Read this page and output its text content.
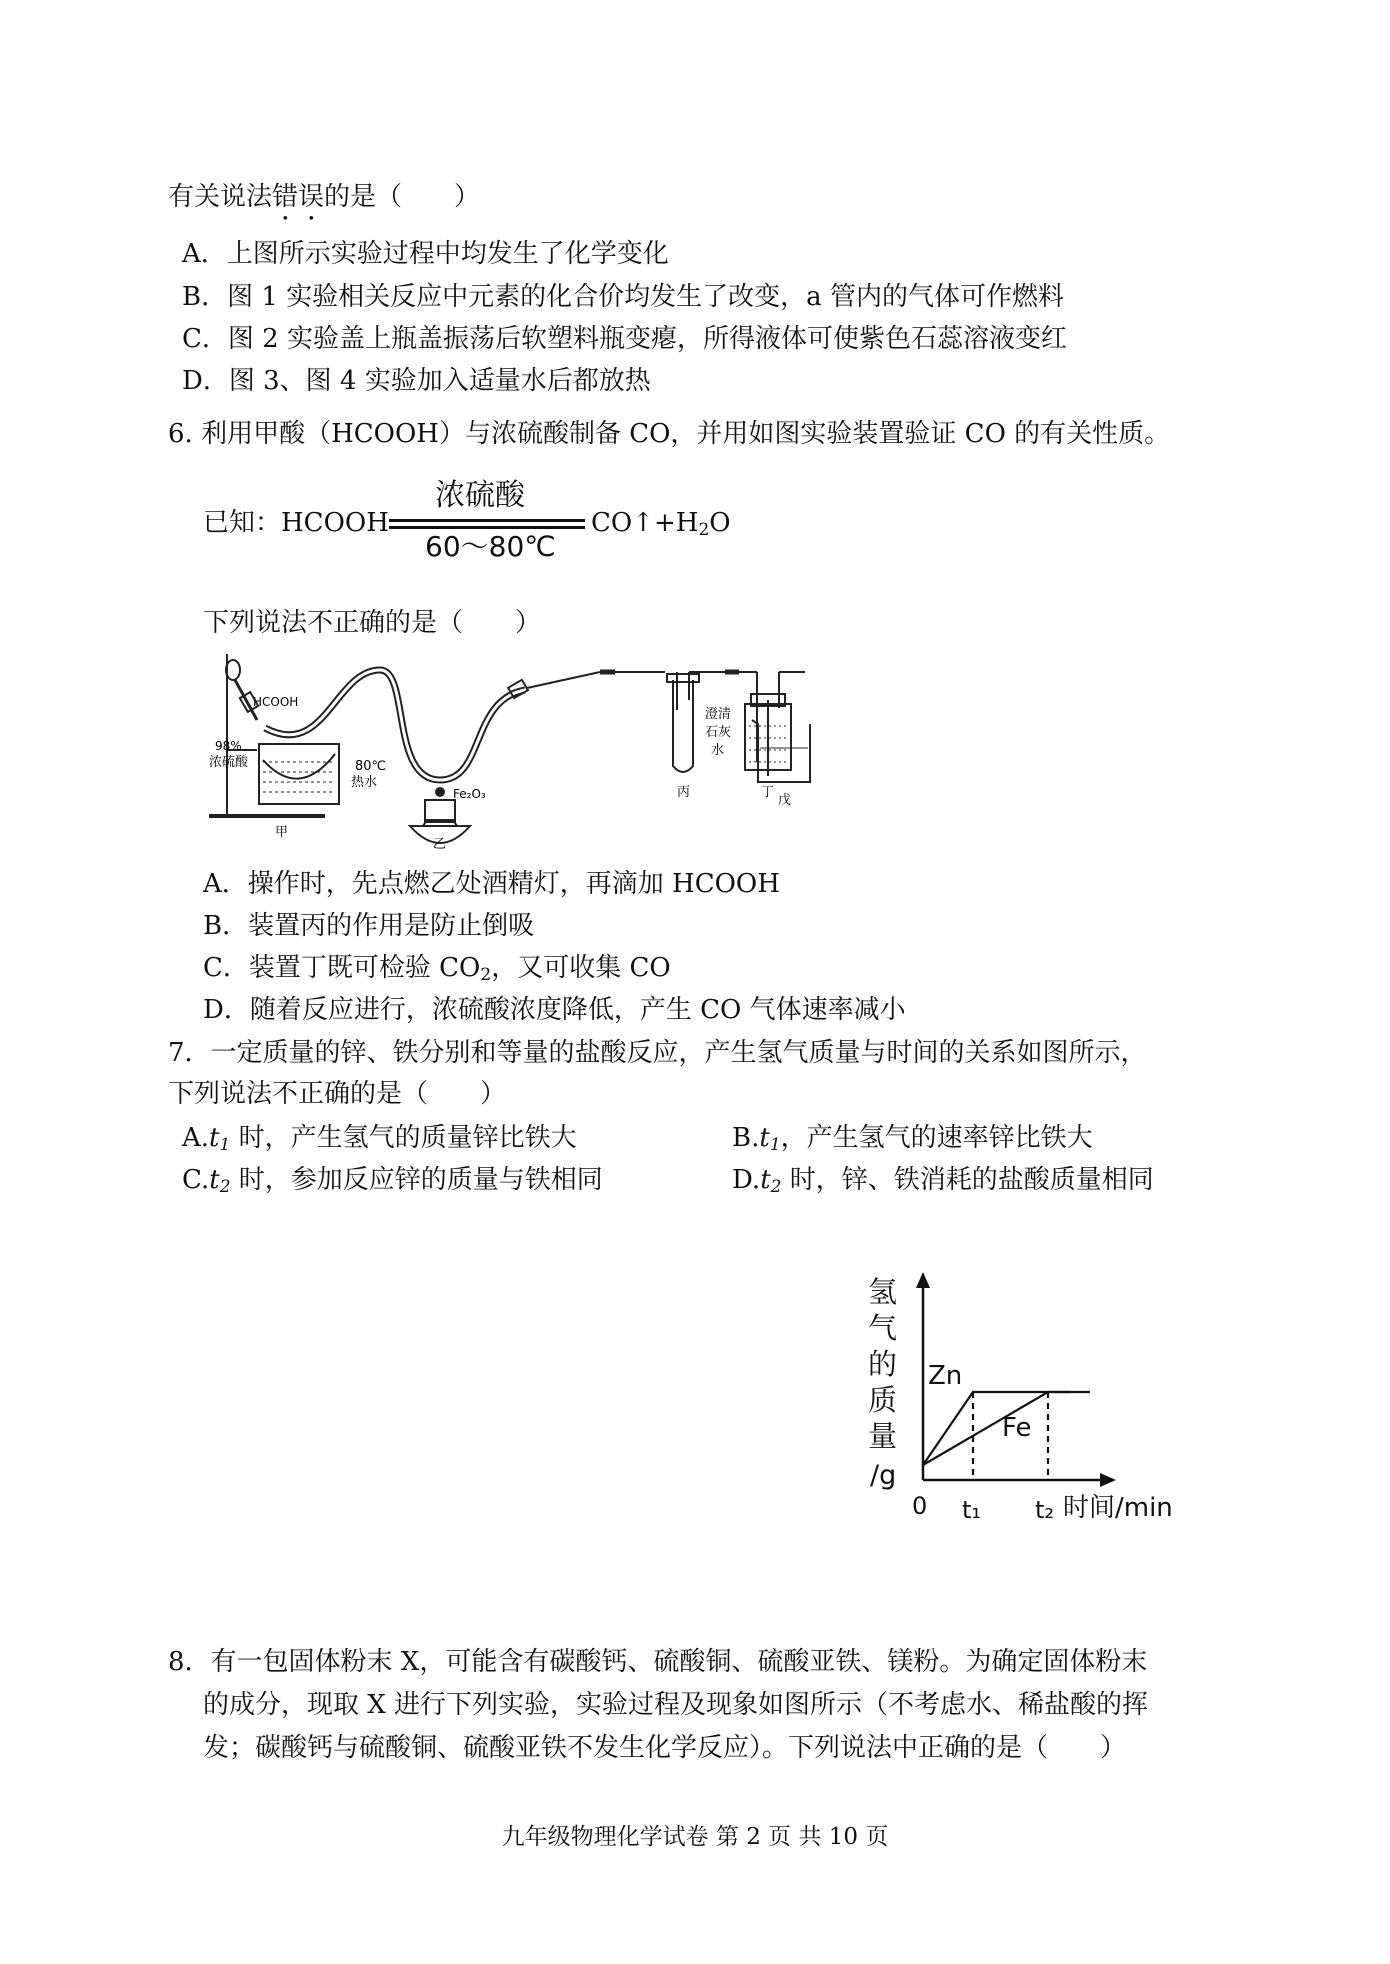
有关说法错误的是（　　）
A．上图所示实验过程中均发生了化学变化
B．图 1 实验相关反应中元素的化合价均发生了改变，a 管内的气体可作燃料
C．图 2 实验盖上瓶盖振荡后软塑料瓶变瘪，所得液体可使紫色石蕊溶液变红
D．图 3、图 4 实验加入适量水后都放热
6. 利用甲酸（HCOOH）与浓硫酸制备 CO，并用如图实验装置验证 CO 的有关性质。
已知：HCOOH
浓硫酸
60～80℃
$CO↑+H_2O$
下列说法不正确的是（　　）
HCOOH
98%
浓硫酸	80℃
热水
Fe₂O₃
澄清
石灰
水
甲
乙
丙	丁
戊
A．操作时，先点燃乙处酒精灯，再滴加 HCOOH
B．装置丙的作用是防止倒吸
C．装置丁既可检验 $CO_2$，又可收集 CO
D．随着反应进行，浓硫酸浓度降低，产生 CO 气体速率减小
7．一定质量的锌、铁分别和等量的盐酸反应，产生氢气质量与时间的关系如图所示，
下列说法不正确的是（　　）
$A.t_1$ 时，产生氢气的质量锌比铁大	$B.t_1$，产生氢气的速率锌比铁大
$C.t_2$ 时，参加反应锌的质量与铁相同	$D.t_2$ 时，锌、铁消耗的盐酸质量相同
氢
气
的
质
量
/g
Zn
Fe
0 t₁ t₂ 时间/min
8．有一包固体粉末 X，可能含有碳酸钙、硫酸铜、硫酸亚铁、镁粉。为确定固体粉末
的成分，现取 X 进行下列实验，实验过程及现象如图所示（不考虑水、稀盐酸的挥
发；碳酸钙与硫酸铜、硫酸亚铁不发生化学反应）。下列说法中正确的是（　　）
九年级物理化学试卷 第 2 页 共 10 页
